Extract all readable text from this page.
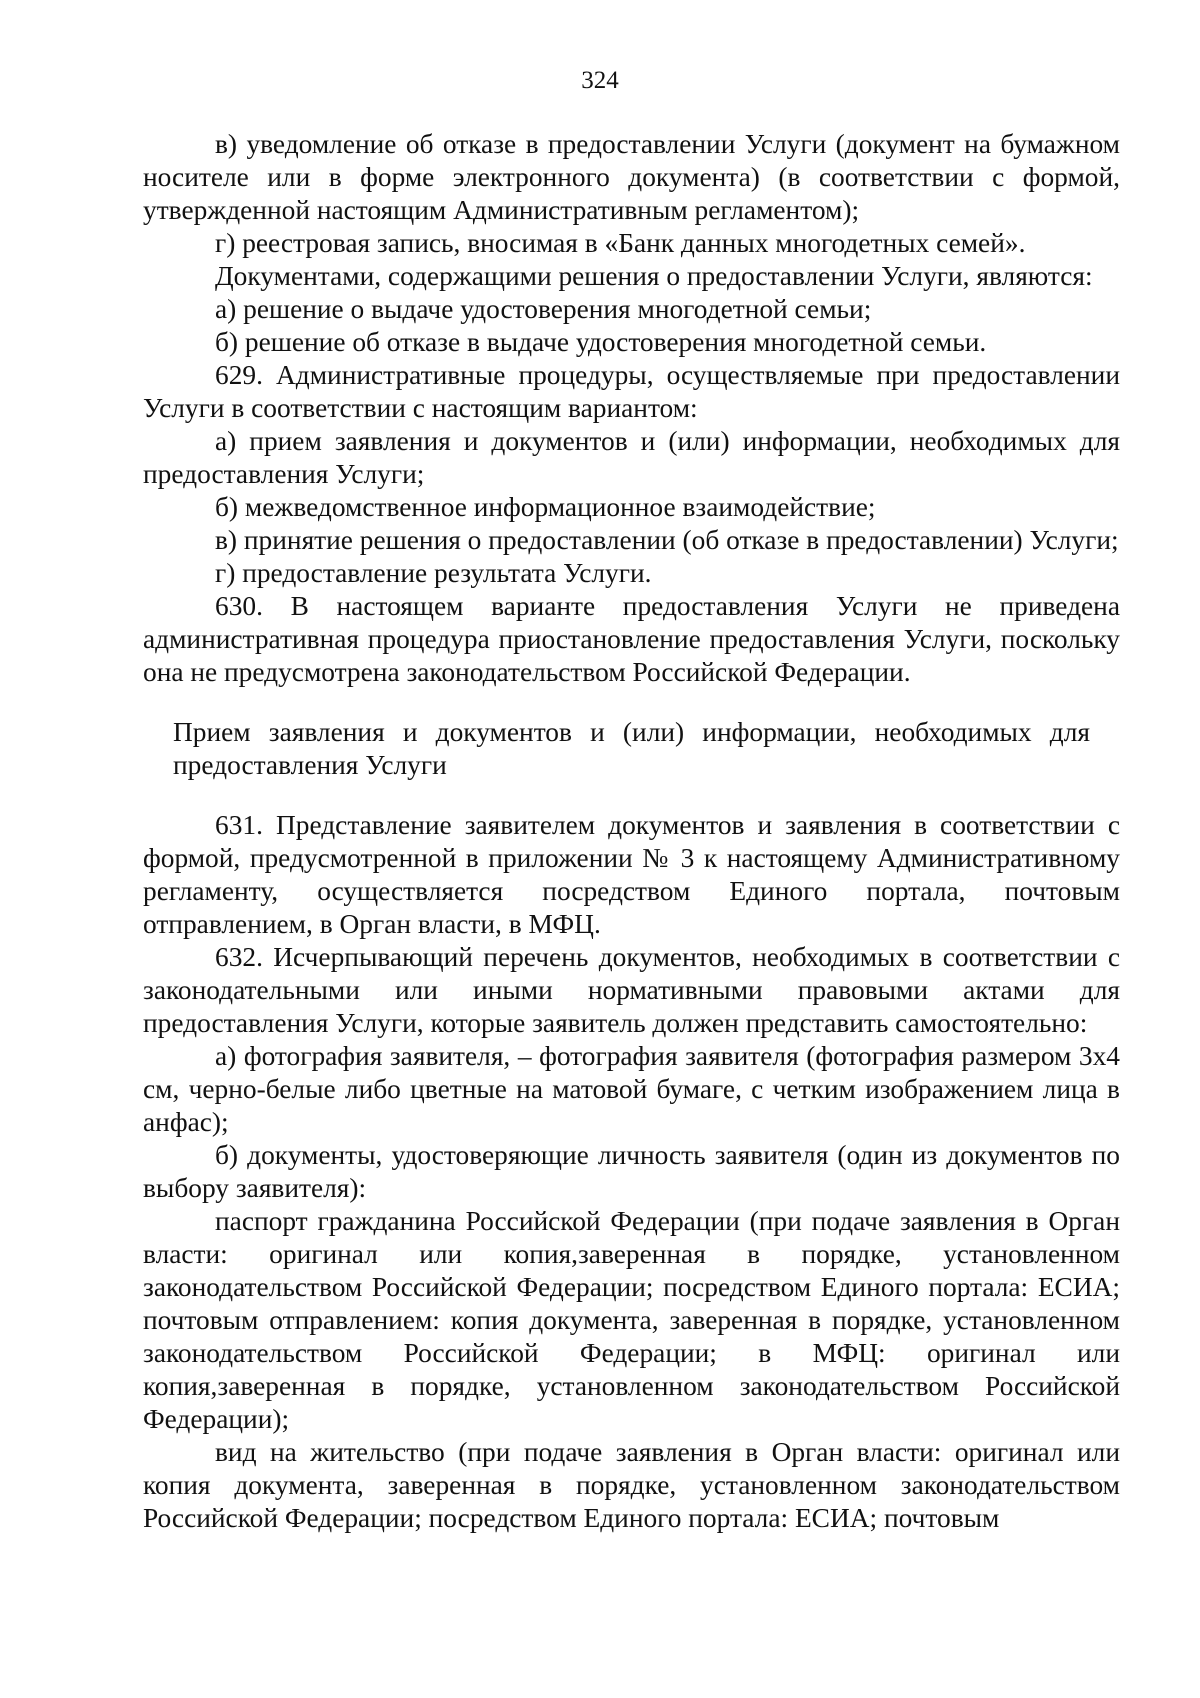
324

в) уведомление об отказе в предоставлении Услуги (документ на бумажном носителе или в форме электронного документа) (в соответствии с формой, утвержденной настоящим Административным регламентом);

г) реестровая запись, вносимая в «Банк данных многодетных семей».

Документами, содержащими решения о предоставлении Услуги, являются:

а) решение о выдаче удостоверения многодетной семьи;

б) решение об отказе в выдаче удостоверения многодетной семьи.

629. Административные процедуры, осуществляемые при предоставлении Услуги в соответствии с настоящим вариантом:

а) прием заявления и документов и (или) информации, необходимых для предоставления Услуги;

б) межведомственное информационное взаимодействие;

в) принятие решения о предоставлении (об отказе в предоставлении) Услуги;

г) предоставление результата Услуги.

630. В настоящем варианте предоставления Услуги не приведена административная процедура приостановление предоставления Услуги, поскольку она не предусмотрена законодательством Российской Федерации.

Прием заявления и документов и (или) информации, необходимых для предоставления Услуги

631. Представление заявителем документов и заявления в соответствии с формой, предусмотренной в приложении № 3 к настоящему Административному регламенту, осуществляется посредством Единого портала, почтовым отправлением, в Орган власти, в МФЦ.

632. Исчерпывающий перечень документов, необходимых в соответствии с законодательными или иными нормативными правовыми актами для предоставления Услуги, которые заявитель должен представить самостоятельно:

а) фотография заявителя, – фотография заявителя (фотография размером 3х4 см, черно-белые либо цветные на матовой бумаге, с четким изображением лица в анфас);

б) документы, удостоверяющие личность заявителя (один из документов по выбору заявителя):

паспорт гражданина Российской Федерации (при подаче заявления в Орган власти: оригинал или копия,заверенная в порядке, установленном законодательством Российской Федерации; посредством Единого портала: ЕСИА; почтовым отправлением: копия документа, заверенная в порядке, установленном законодательством Российской Федерации; в МФЦ: оригинал или копия,заверенная в порядке, установленном законодательством Российской Федерации);

вид на жительство (при подаче заявления в Орган власти: оригинал или копия документа, заверенная в порядке, установленном законодательством Российской Федерации; посредством Единого портала: ЕСИА; почтовым
